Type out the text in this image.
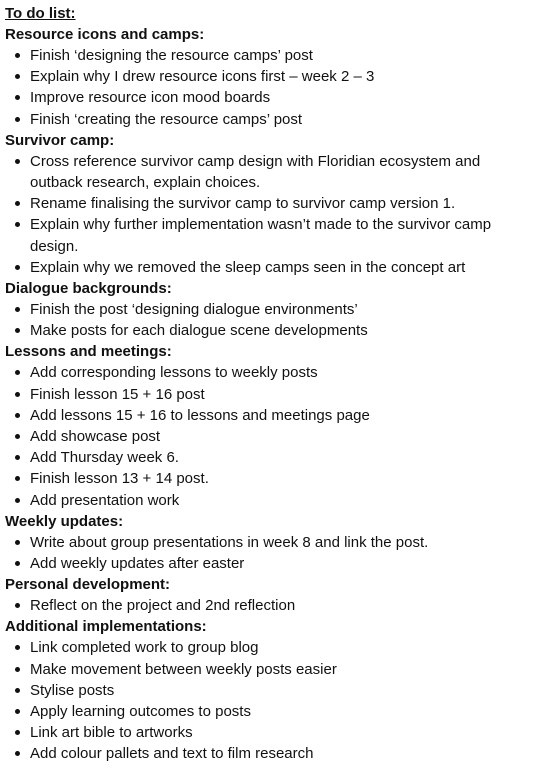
To do list:

Resource icons and camps:

Finish ‘designing the resource camps’ post
Explain why I drew resource icons first – week 2 – 3
Improve resource icon mood boards
Finish ‘creating the resource camps’ post

Survivor camp:

Cross reference survivor camp design with Floridian ecosystem and outback research, explain choices.
Rename finalising the survivor camp to survivor camp version 1.
Explain why further implementation wasn’t made to the survivor camp design.
Explain why we removed the sleep camps seen in the concept art

Dialogue backgrounds:

Finish the post ‘designing dialogue environments’
Make posts for each dialogue scene developments

Lessons and meetings:

Add corresponding lessons to weekly posts
Finish lesson 15 + 16 post
Add lessons 15 + 16 to lessons and meetings page
Add showcase post
Add Thursday week 6.
Finish lesson 13 + 14 post.
Add presentation work

Weekly updates:

Write about group presentations in week 8 and link the post.
Add weekly updates after easter

Personal development:

Reflect on the project and 2nd reflection

Additional implementations:

Link completed work to group blog
Make movement between weekly posts easier
Stylise posts
Apply learning outcomes to posts
Link art bible to artworks
Add colour pallets and text to film research
